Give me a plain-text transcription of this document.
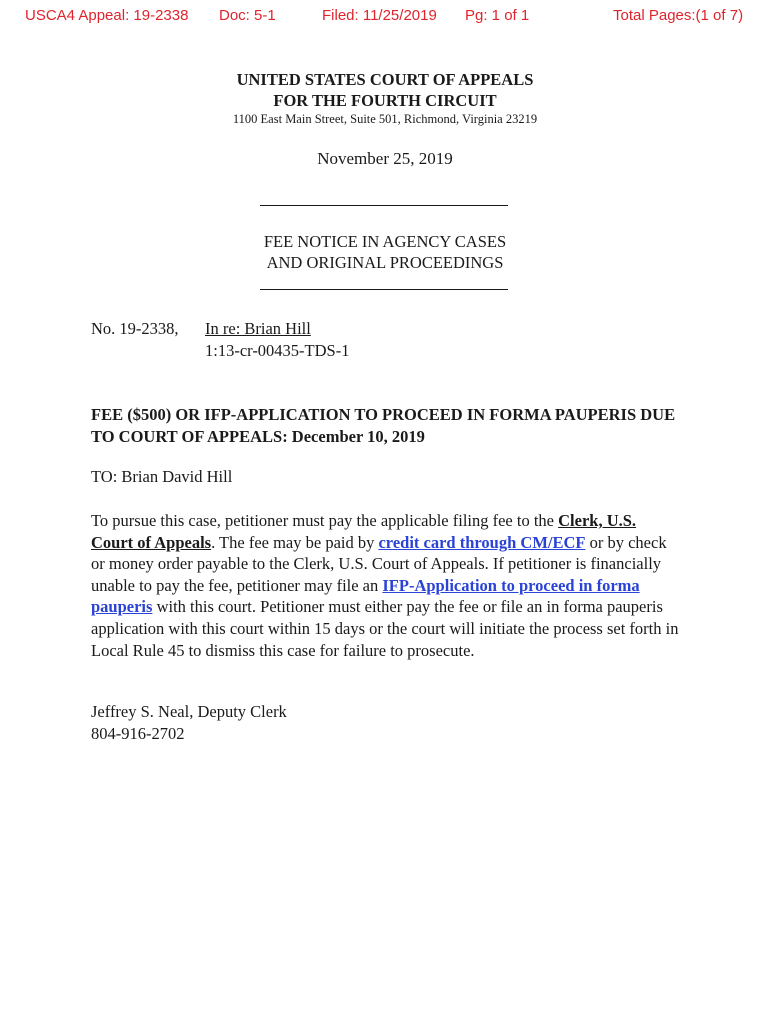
USCA4 Appeal: 19-2338 Doc: 5-1	Filed: 11/25/2019 Pg: 1 of 1	Total Pages:(1 of 7)
UNITED STATES COURT OF APPEALS
FOR THE FOURTH CIRCUIT
1100 East Main Street, Suite 501, Richmond, Virginia 23219
November 25, 2019
FEE NOTICE IN AGENCY CASES
AND ORIGINAL PROCEEDINGS
No. 19-2338, In re: Brian Hill
1:13-cr-00435-TDS-1
FEE ($500) OR IFP-APPLICATION TO PROCEED IN FORMA PAUPERIS DUE TO COURT OF APPEALS: December 10, 2019
TO: Brian David Hill
To pursue this case, petitioner must pay the applicable filing fee to the Clerk, U.S. Court of Appeals. The fee may be paid by credit card through CM/ECF or by check or money order payable to the Clerk, U.S. Court of Appeals. If petitioner is financially unable to pay the fee, petitioner may file an IFP-Application to proceed in forma pauperis with this court. Petitioner must either pay the fee or file an in forma pauperis application with this court within 15 days or the court will initiate the process set forth in Local Rule 45 to dismiss this case for failure to prosecute.
Jeffrey S. Neal, Deputy Clerk
804-916-2702
